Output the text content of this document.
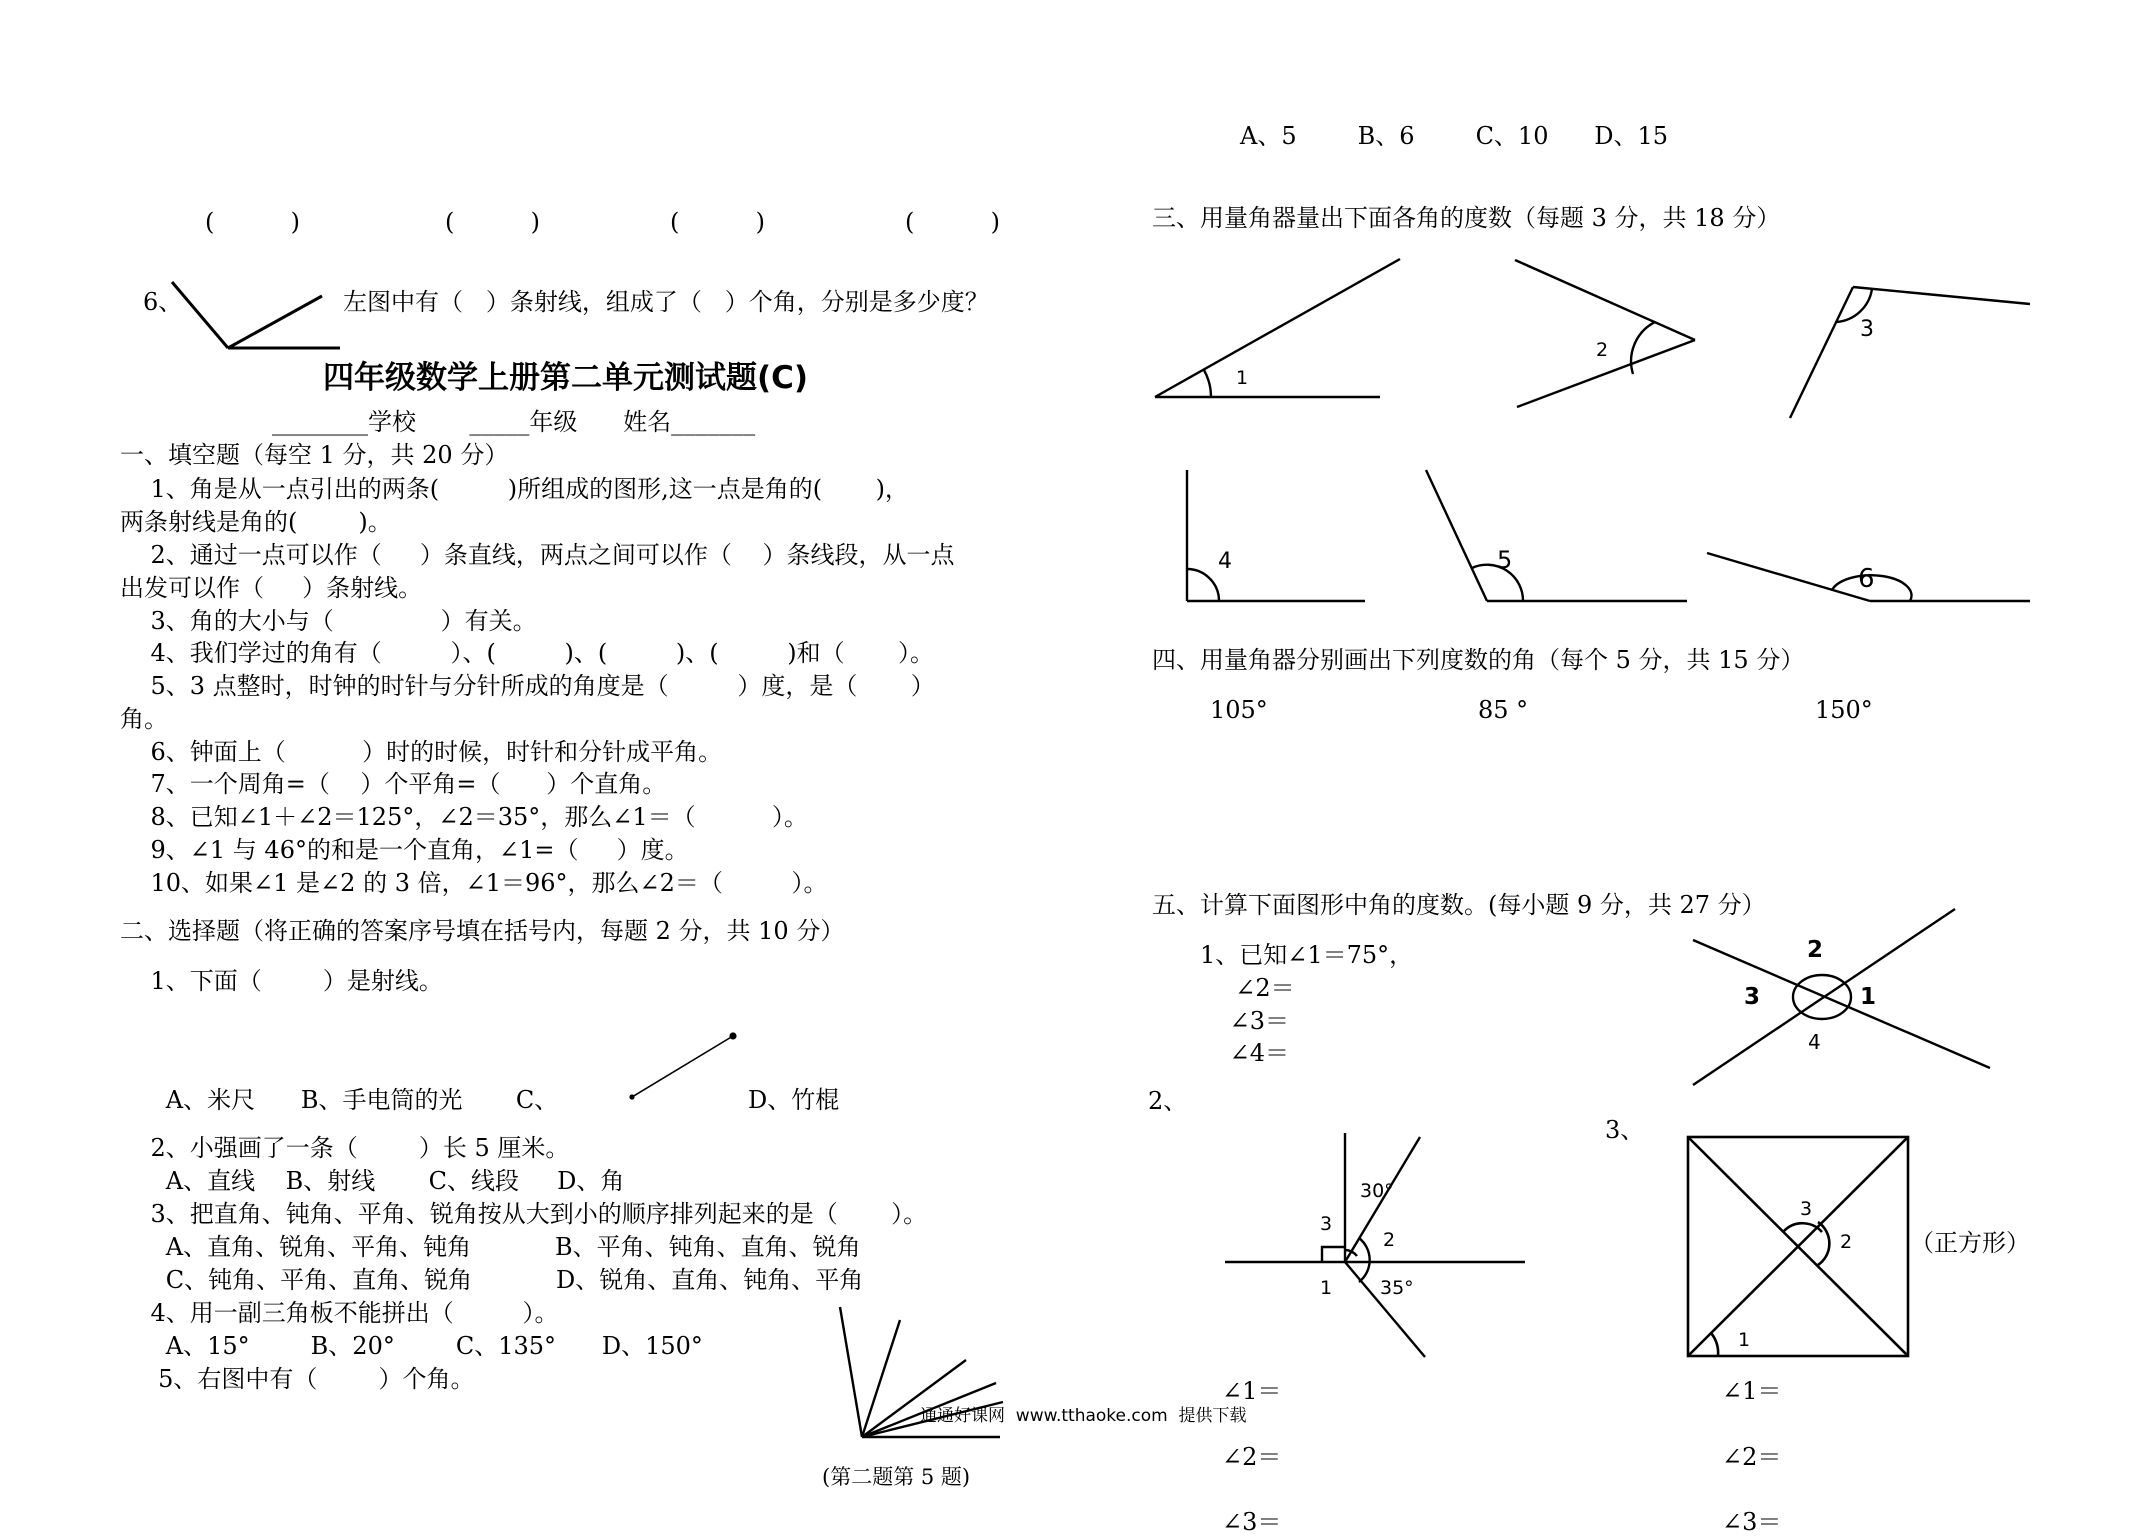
(          )	(          )	(          )	(          )
6、	左图中有（   ）条射线，组成了（   ）个角，分别是多少度？
四年级数学上册第二单元测试题(C)
________学校       _____年级      姓名_______
一、填空题（每空 1 分，共 20 分）
1、角是从一点引出的两条(         )所组成的图形,这一点是角的(       )，
两条射线是角的(        )。
2、通过一点可以作（     ）条直线，两点之间可以作（    ）条线段，从一点
出发可以作（     ）条射线。
3、角的大小与（              ）有关。
4、我们学过的角有（         ）、(         )、(         )、(         )和（       ）。
5、3 点整时，时钟的时针与分针所成的角度是（         ）度，是（       ）
角。
6、钟面上（          ）时的时候，时针和分针成平角。
7、一个周角=（    ）个平角=（      ）个直角。
8、已知∠1＋∠2＝125°，∠2＝35°，那么∠1＝（          ）。
9、∠1 与 46°的和是一个直角，∠1=（     ）度。
10、如果∠1 是∠2 的 3 倍，∠1＝96°，那么∠2＝（         ）。
二、选择题（将正确的答案序号填在括号内，每题 2 分，共 10 分）
1、下面（        ）是射线。
A、米尺      B、手电筒的光       C、	D、竹棍
2、小强画了一条（        ）长 5 厘米。
A、直线    B、射线       C、线段     D、角
3、把直角、钝角、平角、锐角按从大到小的顺序排列起来的是（       ）。
A、直角、锐角、平角、钝角           B、平角、钝角、直角、锐角
C、钝角、平角、直角、锐角           D、锐角、直角、钝角、平角
4、用一副三角板不能拼出（         ）。
A、15°        B、20°        C、135°      D、150°
5、右图中有（        ）个角。
通通好课网  www.tthaoke.com  提供下载
(第二题第 5 题)
A、5        B、6        C、10      D、15
三、用量角器量出下面各角的度数（每题 3 分，共 18 分）
1
2
3
4	5
6
四、用量角器分别画出下列度数的角（每个 5 分，共 15 分）
105°	85 °	150°
五、计算下面图形中角的度数。(每小题 9 分，共 27 分）
1、已知∠1＝75°，
∠2＝
∠3＝
∠4＝
2
3	1
4
2、
30°
3
2
1	35°
3、
3
2
1
（正方形）
∠1＝
∠2＝
∠3＝
∠1＝
∠2＝
∠3＝
